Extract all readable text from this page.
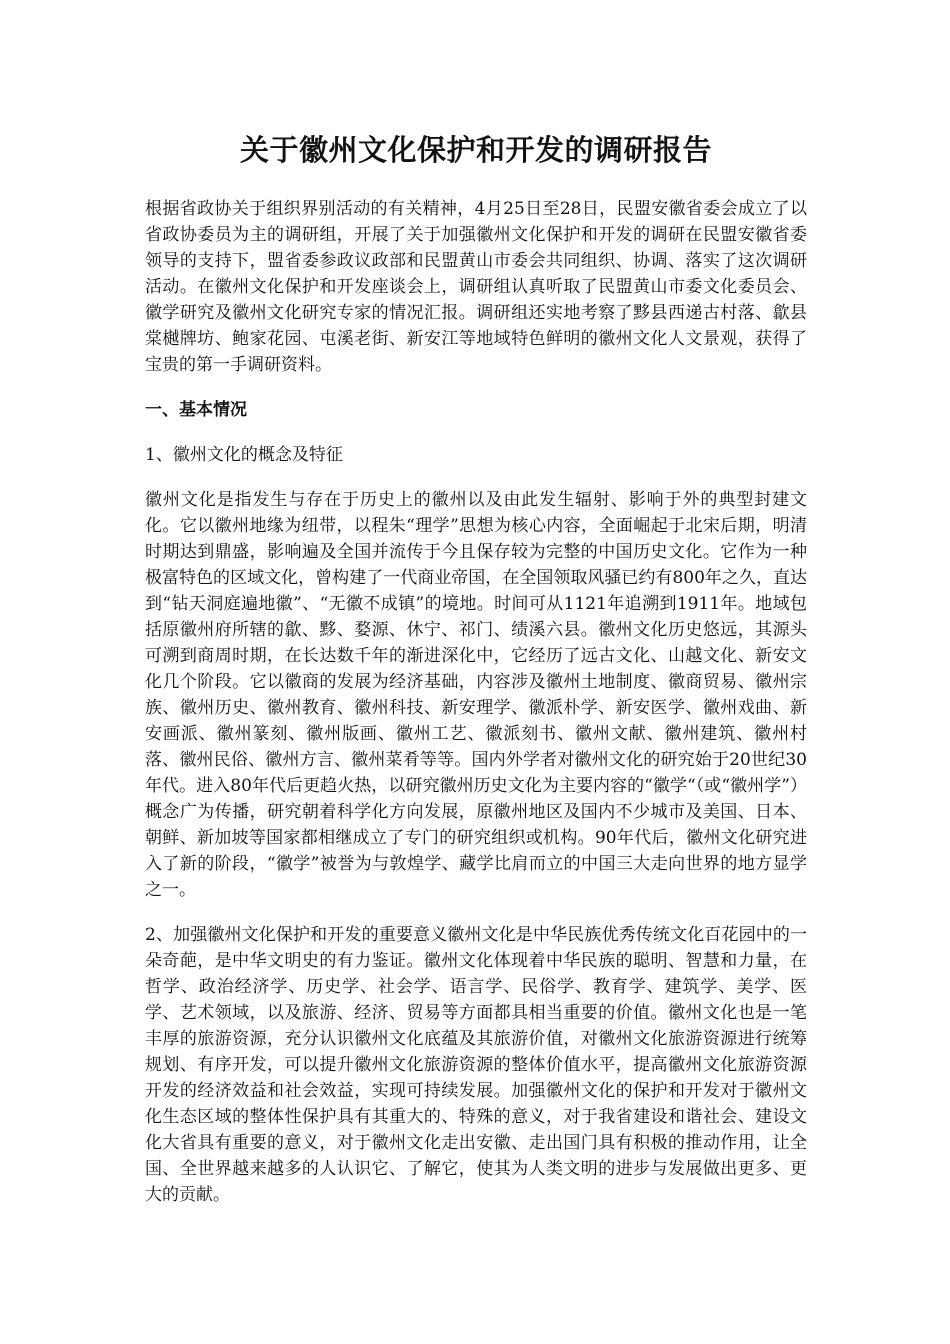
关于徽州文化保护和开发的调研报告

根据省政协关于组织界别活动的有关精神，4月25日至28日，民盟安徽省委会成立了以省政协委员为主的调研组，开展了关于加强徽州文化保护和开发的调研在民盟安徽省委领导的支持下，盟省委参政议政部和民盟黄山市委会共同组织、协调、落实了这次调研活动。在徽州文化保护和开发座谈会上，调研组认真听取了民盟黄山市委文化委员会、徽学研究及徽州文化研究专家的情况汇报。调研组还实地考察了黟县西递古村落、歙县棠樾牌坊、鲍家花园、屯溪老街、新安江等地域特色鲜明的徽州文化人文景观，获得了宝贵的第一手调研资料。

一、基本情况

1、徽州文化的概念及特征

徽州文化是指发生与存在于历史上的徽州以及由此发生辐射、影响于外的典型封建文化。它以徽州地缘为纽带，以程朱“理学”思想为核心内容，全面崛起于北宋后期，明清时期达到鼎盛，影响遍及全国并流传于今且保存较为完整的中国历史文化。它作为一种极富特色的区域文化，曾构建了一代商业帝国，在全国领取风骚已约有800年之久，直达到“钻天洞庭遍地徽”、“无徽不成镇”的境地。时间可从1121年追溯到1911年。地域包括原徽州府所辖的歙、黟、婺源、休宁、祁门、绩溪六县。徽州文化历史悠远，其源头可溯到商周时期，在长达数千年的渐进深化中，它经历了远古文化、山越文化、新安文化几个阶段。它以徽商的发展为经济基础，内容涉及徽州土地制度、徽商贸易、徽州宗族、徽州历史、徽州教育、徽州科技、新安理学、徽派朴学、新安医学、徽州戏曲、新安画派、徽州篆刻、徽州版画、徽州工艺、徽派刻书、徽州文献、徽州建筑、徽州村落、徽州民俗、徽州方言、徽州菜肴等等。国内外学者对徽州文化的研究始于20世纪30年代。进入80年代后更趋火热，以研究徽州历史文化为主要内容的“徽学“（或“徽州学”）概念广为传播，研究朝着科学化方向发展，原徽州地区及国内不少城市及美国、日本、朝鲜、新加坡等国家都相继成立了专门的研究组织或机构。90年代后，徽州文化研究进入了新的阶段，“徽学”被誉为与敦煌学、藏学比肩而立的中国三大走向世界的地方显学之一。

2、加强徽州文化保护和开发的重要意义徽州文化是中华民族优秀传统文化百花园中的一朵奇葩，是中华文明史的有力鉴证。徽州文化体现着中华民族的聪明、智慧和力量，在哲学、政治经济学、历史学、社会学、语言学、民俗学、教育学、建筑学、美学、医学、艺术领域，以及旅游、经济、贸易等方面都具相当重要的价值。徽州文化也是一笔丰厚的旅游资源，充分认识徽州文化底蕴及其旅游价值，对徽州文化旅游资源进行统筹规划、有序开发，可以提升徽州文化旅游资源的整体价值水平，提高徽州文化旅游资源开发的经济效益和社会效益，实现可持续发展。加强徽州文化的保护和开发对于徽州文化生态区域的整体性保护具有其重大的、特殊的意义，对于我省建设和谐社会、建设文化大省具有重要的意义，对于徽州文化走出安徽、走出国门具有积极的推动作用，让全国、全世界越来越多的人认识它、了解它，使其为人类文明的进步与发展做出更多、更大的贡献。
